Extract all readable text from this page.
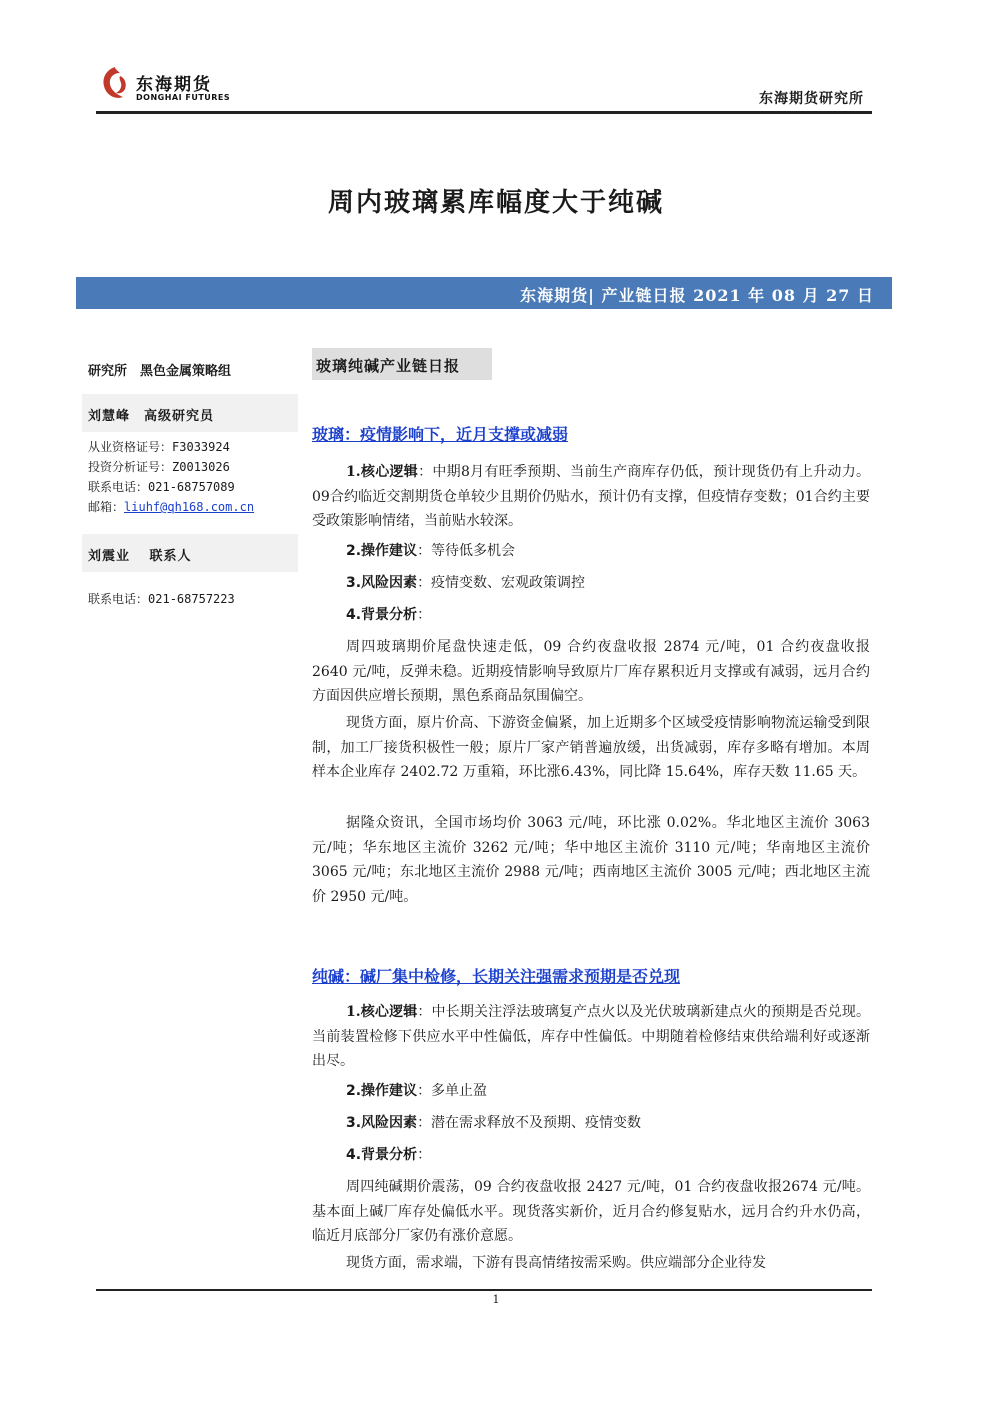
东海期货
DONGHAI FUTURES	东海期货研究所
周内玻璃累库幅度大于纯碱
东海期货| 产业链日报 2021 年 08 月 27 日
研究所　黑色金属策略组
刘慧峰　高级研究员
从业资格证号：F3033924
投资分析证号：Z0013026
联系电话：021-68757089
邮箱：liuhf@qh168.com.cn
刘震业　 联系人
联系电话：021-68757223
玻璃纯碱产业链日报
玻璃：疫情影响下，近月支撑或减弱
1.核心逻辑：中期8月有旺季预期、当前生产商库存仍低，预计现货仍有上升动力。09合约临近交割期货仓单较少且期价仍贴水，预计仍有支撑，但疫情存变数；01合约主要受政策影响情绪，当前贴水较深。
2.操作建议：等待低多机会
3.风险因素：疫情变数、宏观政策调控
4.背景分析：
周四玻璃期价尾盘快速走低，09 合约夜盘收报 2874 元/吨，01 合约夜盘收报 2640 元/吨，反弹未稳。近期疫情影响导致原片厂库存累积近月支撑或有减弱，远月合约方面因供应增长预期，黑色系商品氛围偏空。
现货方面，原片价高、下游资金偏紧，加上近期多个区域受疫情影响物流运输受到限制，加工厂接货积极性一般；原片厂家产销普遍放缓，出货减弱，库存多略有增加。本周样本企业库存 2402.72 万重箱，环比涨6.43%，同比降 15.64%，库存天数 11.65 天。
据隆众资讯，全国市场均价 3063 元/吨，环比涨 0.02%。华北地区主流价 3063 元/吨；华东地区主流价 3262 元/吨；华中地区主流价 3110 元/吨；华南地区主流价 3065 元/吨；东北地区主流价 2988 元/吨；西南地区主流价 3005 元/吨；西北地区主流价 2950 元/吨。
纯碱：碱厂集中检修，长期关注强需求预期是否兑现
1.核心逻辑：中长期关注浮法玻璃复产点火以及光伏玻璃新建点火的预期是否兑现。当前装置检修下供应水平中性偏低，库存中性偏低。中期随着检修结束供给端利好或逐渐出尽。
2.操作建议：多单止盈
3.风险因素：潜在需求释放不及预期、疫情变数
4.背景分析：
周四纯碱期价震荡，09 合约夜盘收报 2427 元/吨，01 合约夜盘收报2674 元/吨。基本面上碱厂库存处偏低水平。现货落实新价，近月合约修复贴水，远月合约升水仍高，临近月底部分厂家仍有涨价意愿。
现货方面，需求端，下游有畏高情绪按需采购。供应端部分企业待发
1
